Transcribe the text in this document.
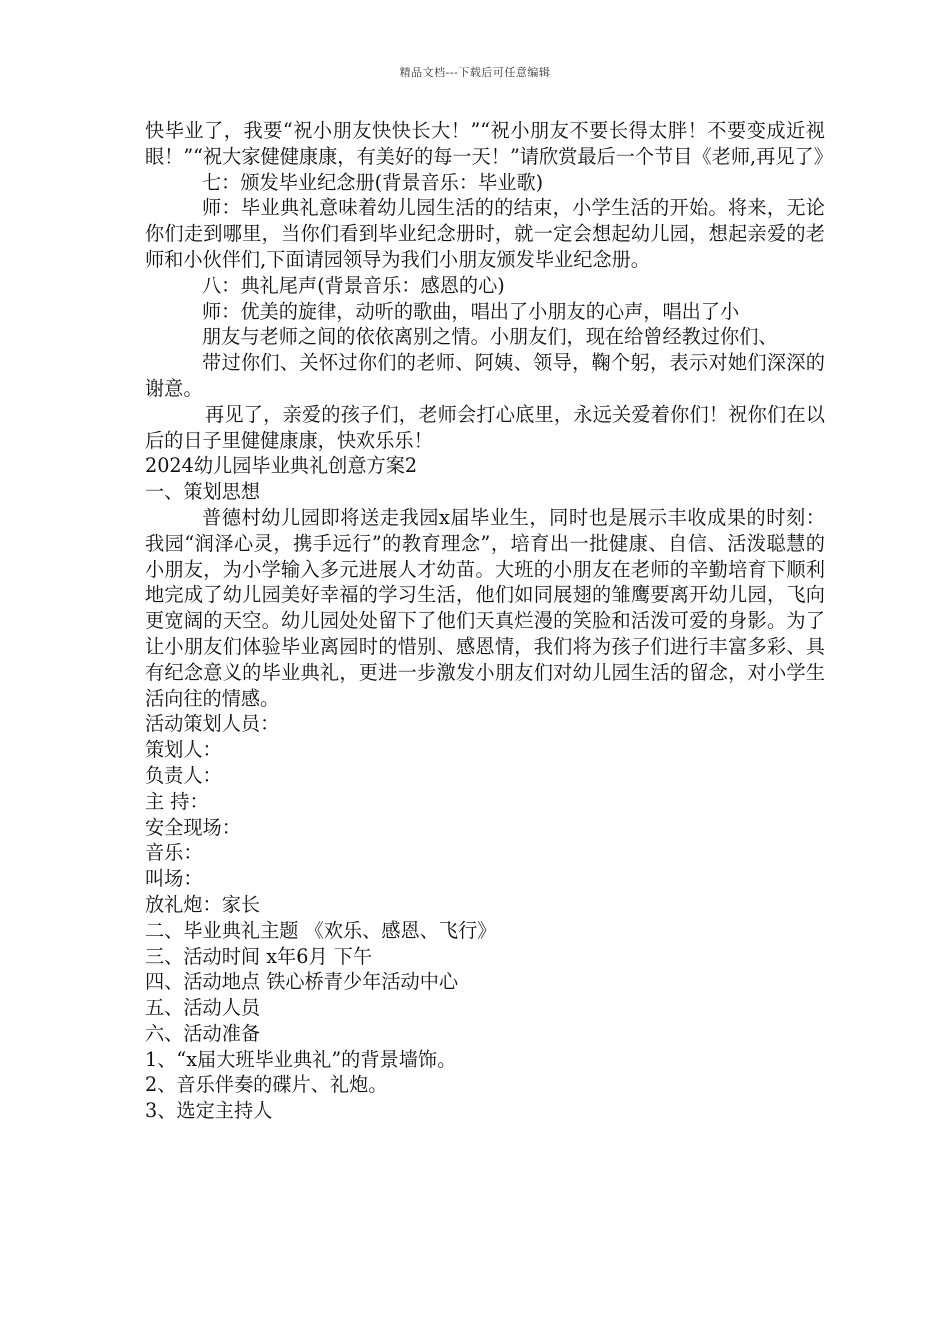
精品文档---下载后可任意编辑

快毕业了，我要“祝小朋友快快长大！”“祝小朋友不要长得太胖！不要变成近视眼！”“祝大家健健康康，有美好的每一天！”请欣赏最后一个节目《老师,再见了》

七：颁发毕业纪念册(背景音乐：毕业歌)

师：毕业典礼意味着幼儿园生活的的结束，小学生活的开始。将来，无论你们走到哪里，当你们看到毕业纪念册时，就一定会想起幼儿园，想起亲爱的老师和小伙伴们,下面请园领导为我们小朋友颁发毕业纪念册。

八：典礼尾声(背景音乐：感恩的心)

师：优美的旋律，动听的歌曲，唱出了小朋友的心声，唱出了小

朋友与老师之间的依依离别之情。小朋友们，现在给曾经教过你们、

带过你们、关怀过你们的老师、阿姨、领导，鞠个躬，表示对她们深深的谢意。

再见了，亲爱的孩子们，老师会打心底里，永远关爱着你们！祝你们在以后的日子里健健康康，快欢乐乐！

2024幼儿园毕业典礼创意方案2

一、策划思想

普德村幼儿园即将送走我园x届毕业生，同时也是展示丰收成果的时刻：我园“润泽心灵，携手远行”的教育理念”，培育出一批健康、自信、活泼聪慧的小朋友，为小学输入多元进展人才幼苗。大班的小朋友在老师的辛勤培育下顺利地完成了幼儿园美好幸福的学习生活，他们如同展翅的雏鹰要离开幼儿园，飞向更宽阔的天空。幼儿园处处留下了他们天真烂漫的笑脸和活泼可爱的身影。为了让小朋友们体验毕业离园时的惜别、感恩情，我们将为孩子们进行丰富多彩、具有纪念意义的毕业典礼，更进一步激发小朋友们对幼儿园生活的留念，对小学生活向往的情感。

活动策划人员：

策划人：

负责人：

主 持：

安全现场：

音乐：

叫场：

放礼炮：家长

二、毕业典礼主题 《欢乐、感恩、飞行》

三、活动时间 x年6月 下午

四、活动地点 铁心桥青少年活动中心

五、活动人员

六、活动准备

1、“x届大班毕业典礼”的背景墙饰。

2、音乐伴奏的碟片、礼炮。

3、选定主持人
